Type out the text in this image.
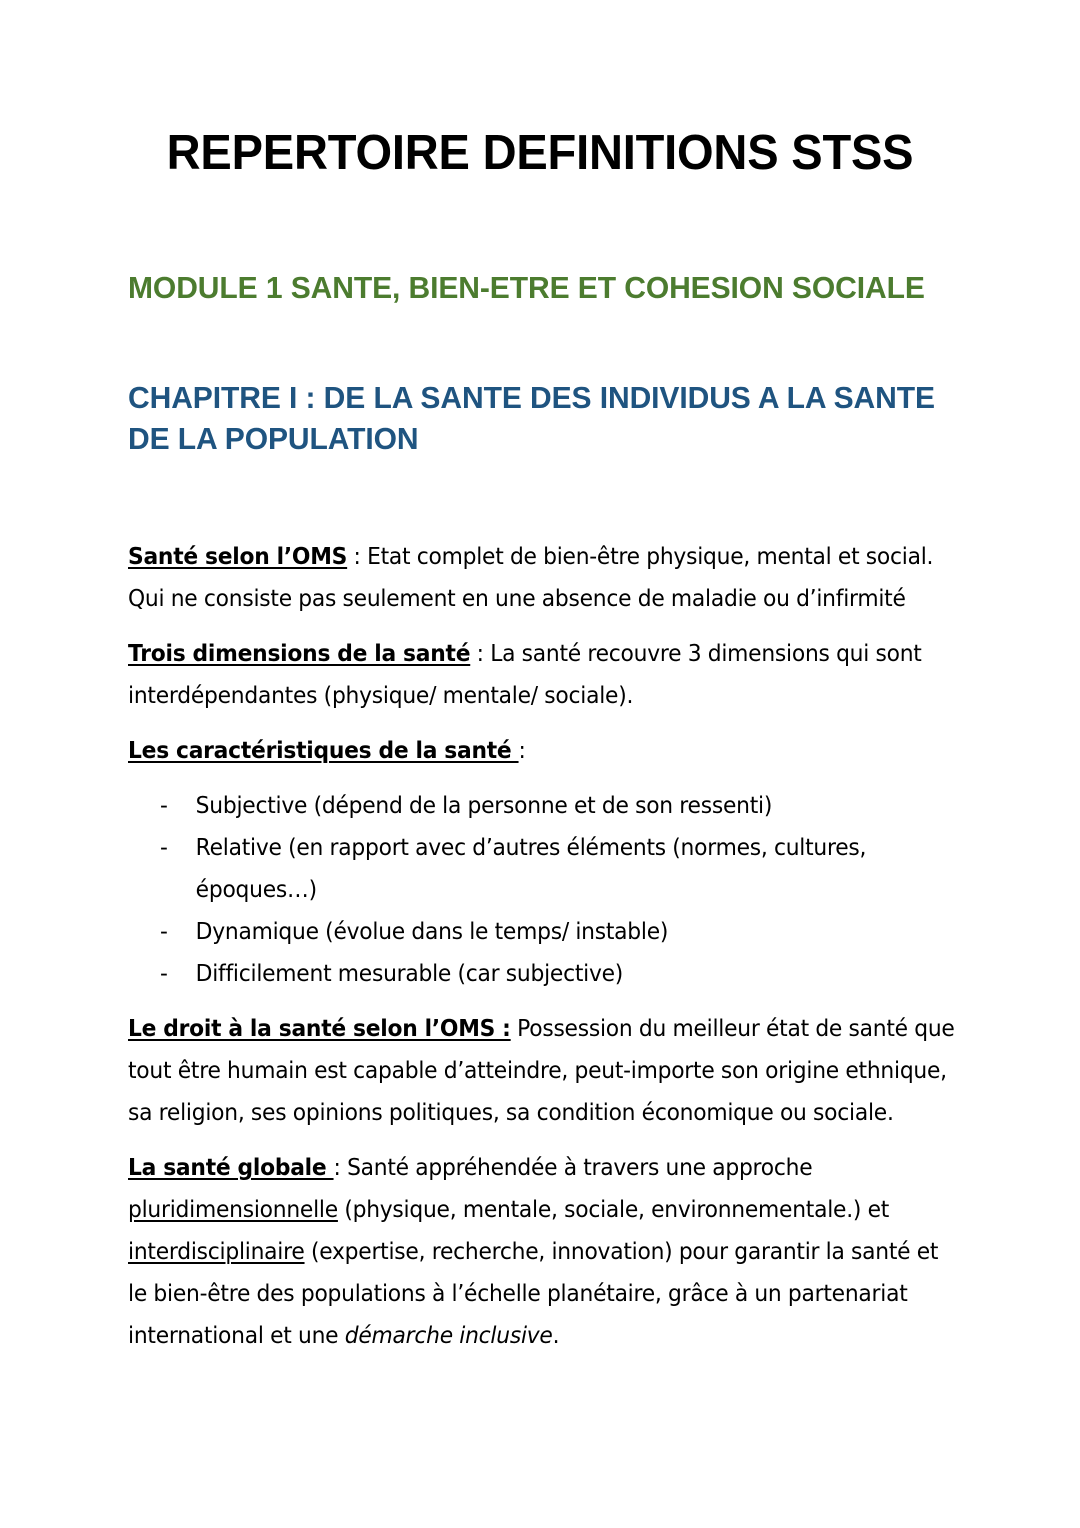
REPERTOIRE DEFINITIONS STSS
MODULE 1 SANTE, BIEN-ETRE ET COHESION SOCIALE
CHAPITRE I : DE LA SANTE DES INDIVIDUS A LA SANTE DE LA POPULATION

Santé selon l’OMS : Etat complet de bien-être physique, mental et social. Qui ne consiste pas seulement en une absence de maladie ou d’infirmité

Trois dimensions de la santé : La santé recouvre 3 dimensions qui sont interdépendantes (physique/ mentale/ sociale).

Les caractéristiques de la santé :

-	Subjective (dépend de la personne et de son ressenti)
-	Relative (en rapport avec d’autres éléments (normes, cultures, époques…)
-	Dynamique (évolue dans le temps/ instable)
-	Difficilement mesurable (car subjective)

Le droit à la santé selon l’OMS : Possession du meilleur état de santé que tout être humain est capable d’atteindre, peut-importe son origine ethnique, sa religion, ses opinions politiques, sa condition économique ou sociale.

La santé globale : Santé appréhendée à travers une approche pluridimensionnelle (physique, mentale, sociale, environnementale.) et interdisciplinaire (expertise, recherche, innovation) pour garantir la santé et le bien-être des populations à l’échelle planétaire, grâce à un partenariat international et une démarche inclusive.
